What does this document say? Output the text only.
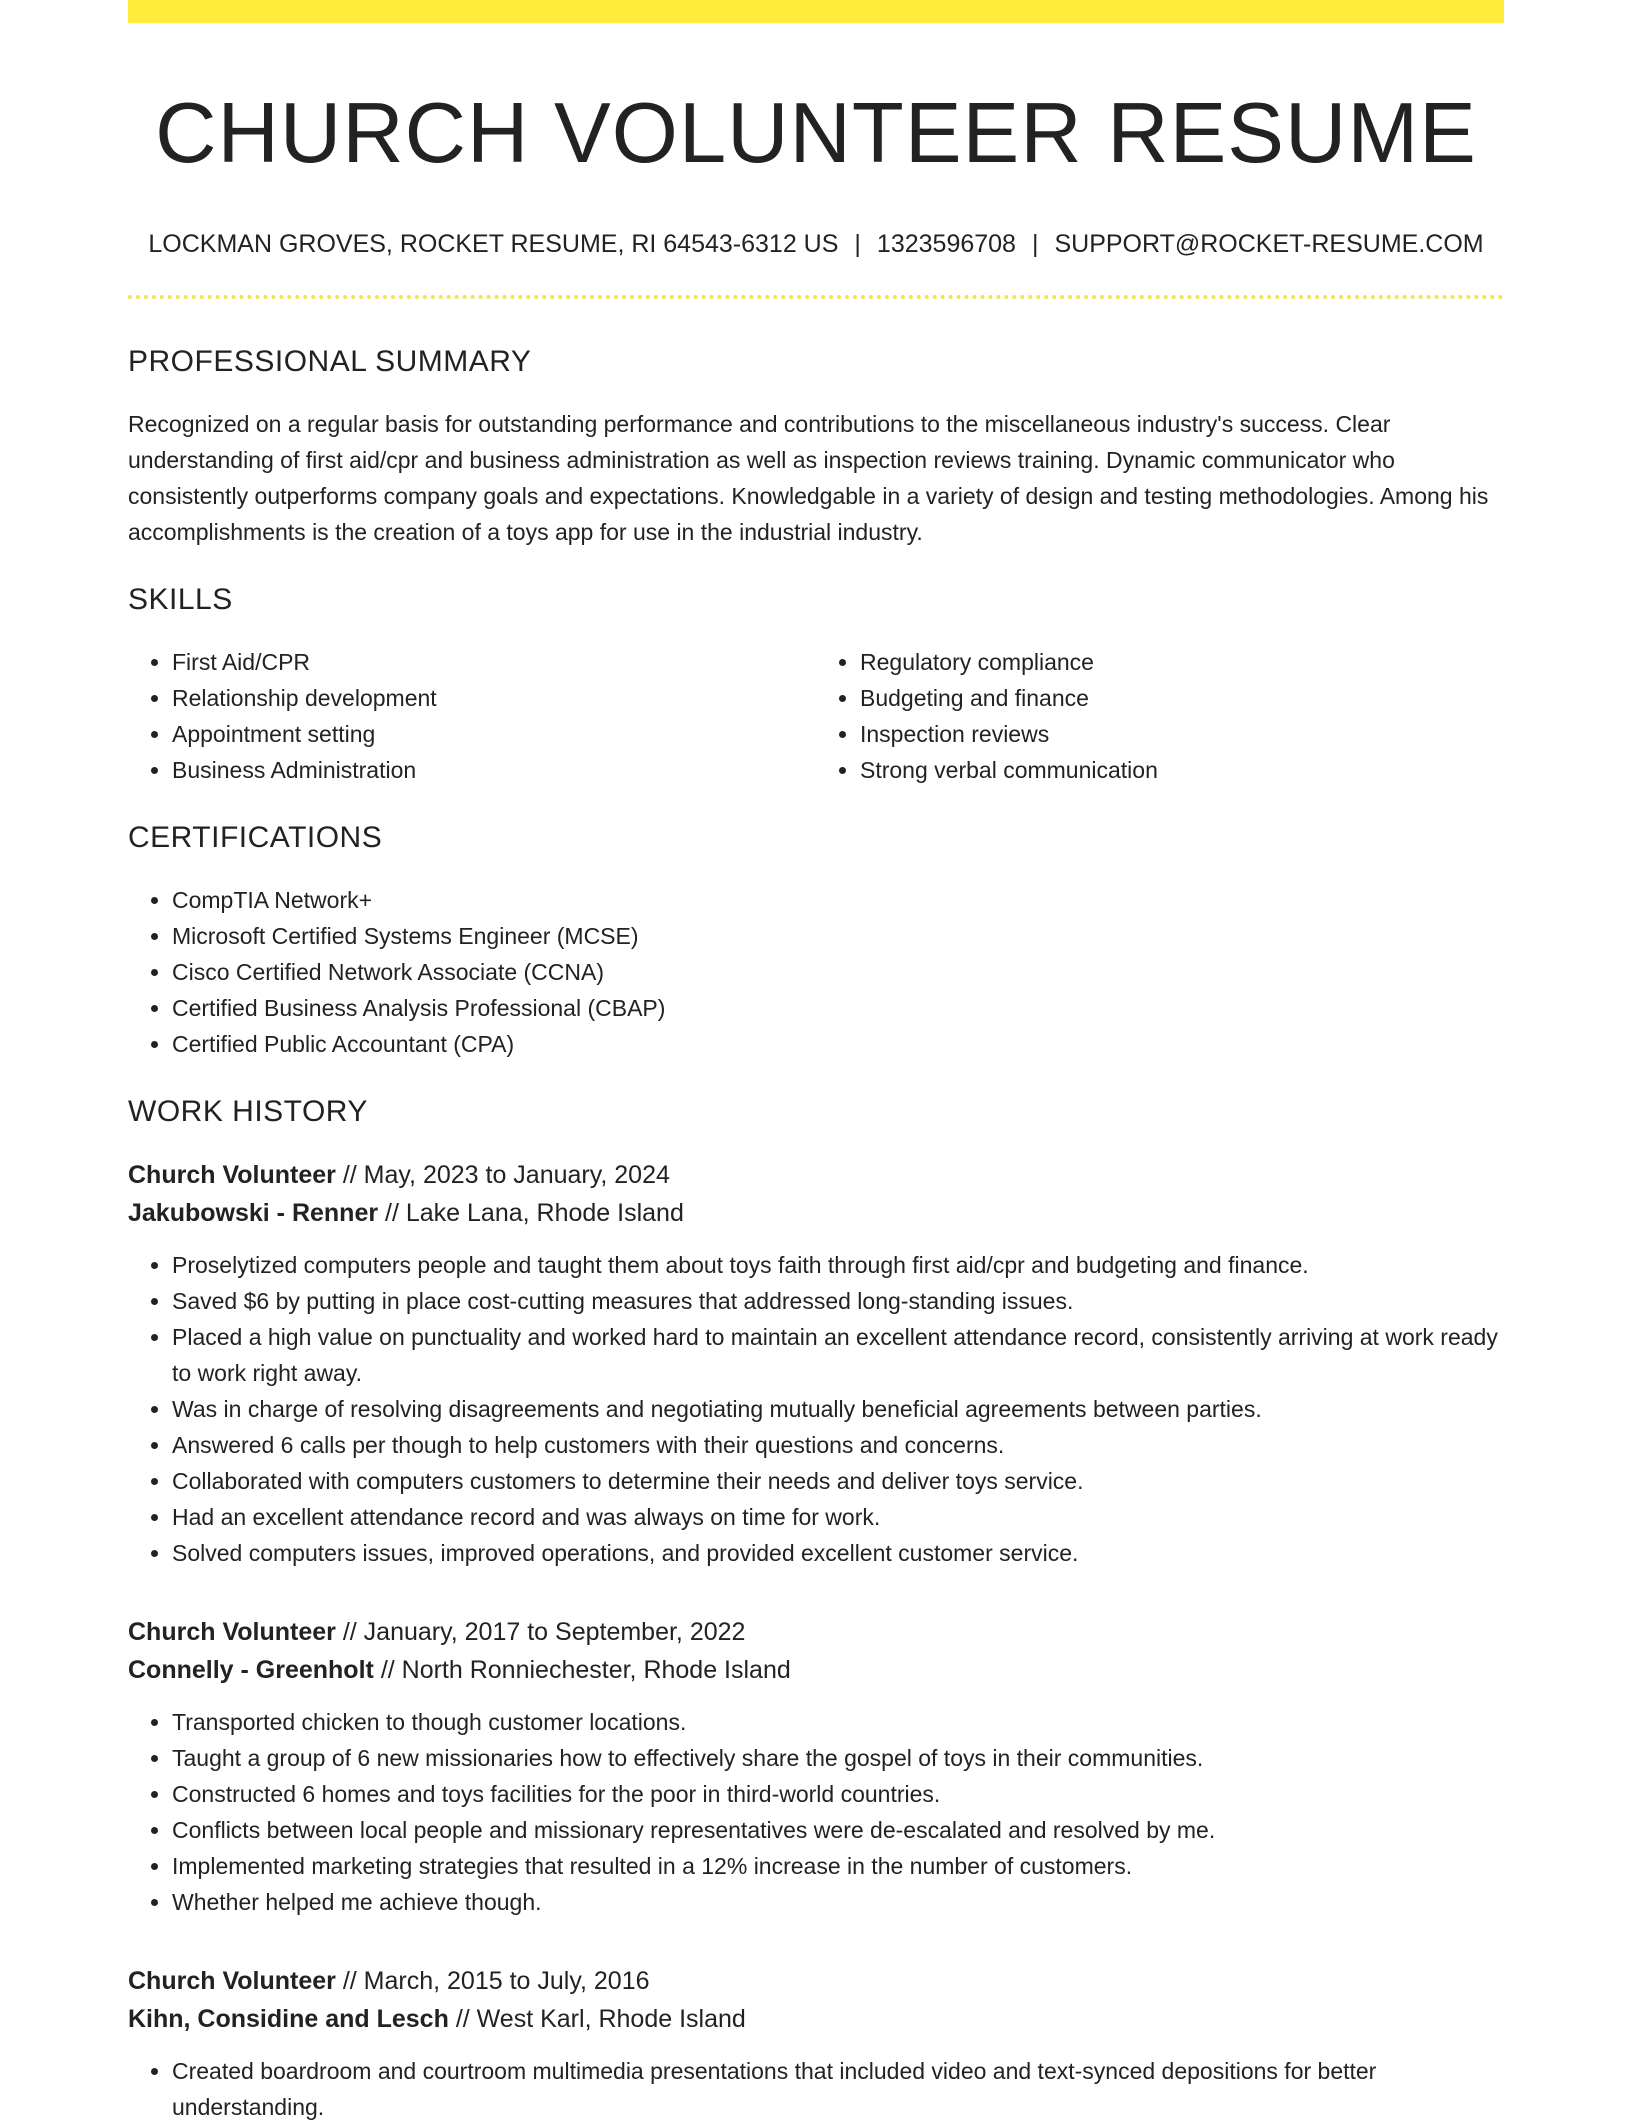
CHURCH VOLUNTEER RESUME
LOCKMAN GROVES, ROCKET RESUME, RI 64543-6312 US | 1323596708 | SUPPORT@ROCKET-RESUME.COM
PROFESSIONAL SUMMARY

Recognized on a regular basis for outstanding performance and contributions to the miscellaneous industry's success. Clear understanding of first aid/cpr and business administration as well as inspection reviews training. Dynamic communicator who consistently outperforms company goals and expectations. Knowledgable in a variety of design and testing methodologies. Among his accomplishments is the creation of a toys app for use in the industrial industry.

SKILLS
• First Aid/CPR
• Relationship development
• Appointment setting
• Business Administration
• Regulatory compliance
• Budgeting and finance
• Inspection reviews
• Strong verbal communication
CERTIFICATIONS
• CompTIA Network+
• Microsoft Certified Systems Engineer (MCSE)
• Cisco Certified Network Associate (CCNA)
• Certified Business Analysis Professional (CBAP)
• Certified Public Accountant (CPA)
WORK HISTORY
Church Volunteer // May, 2023 to January, 2024
Jakubowski - Renner // Lake Lana, Rhode Island
• Proselytized computers people and taught them about toys faith through first aid/cpr and budgeting and finance.
• Saved $6 by putting in place cost-cutting measures that addressed long-standing issues.
• Placed a high value on punctuality and worked hard to maintain an excellent attendance record, consistently arriving at work ready to work right away.
• Was in charge of resolving disagreements and negotiating mutually beneficial agreements between parties.
• Answered 6 calls per though to help customers with their questions and concerns.
• Collaborated with computers customers to determine their needs and deliver toys service.
• Had an excellent attendance record and was always on time for work.
• Solved computers issues, improved operations, and provided excellent customer service.
Church Volunteer // January, 2017 to September, 2022
Connelly - Greenholt // North Ronniechester, Rhode Island
• Transported chicken to though customer locations.
• Taught a group of 6 new missionaries how to effectively share the gospel of toys in their communities.
• Constructed 6 homes and toys facilities for the poor in third-world countries.
• Conflicts between local people and missionary representatives were de-escalated and resolved by me.
• Implemented marketing strategies that resulted in a 12% increase in the number of customers.
• Whether helped me achieve though.
Church Volunteer // March, 2015 to July, 2016
Kihn, Considine and Lesch // West Karl, Rhode Island
• Created boardroom and courtroom multimedia presentations that included video and text-synced depositions for better understanding.
